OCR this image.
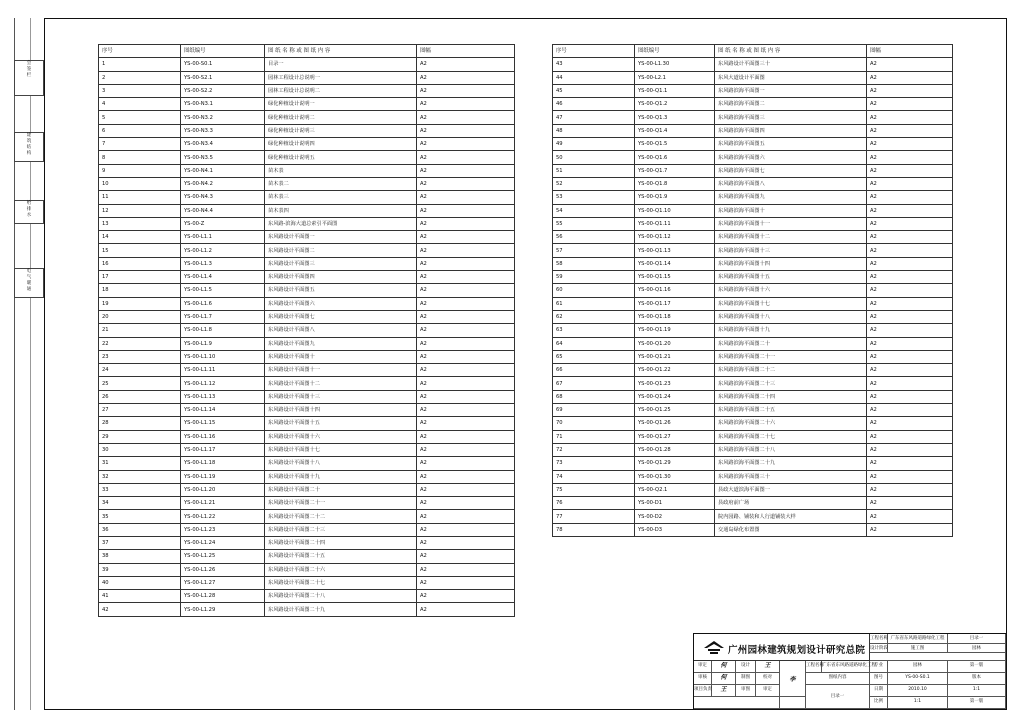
会
签
栏
建
筑
结
构
给
排
水
电
气
暖
通
序号	图纸编号	图 纸 名 称 或 图 纸 内 容	图幅
1	YS-00-S0.1	目录一	A2
2	YS-00-S2.1	园林工程设计总说明一	A2
3	YS-00-S2.2	园林工程设计总说明二	A2
4	YS-00-N3.1	绿化种植设计说明一	A2
5	YS-00-N3.2	绿化种植设计说明二	A2
6	YS-00-N3.3	绿化种植设计说明三	A2
7	YS-00-N3.4	绿化种植设计说明四	A2
8	YS-00-N3.5	绿化种植设计说明五	A2
9	YS-00-N4.1	苗木表	A2
10	YS-00-N4.2	苗木表二	A2
11	YS-00-N4.3	苗木表三	A2
12	YS-00-N4.4	苗木表四	A2
13	YS-00-Z	东风路-滨海大道总索引平面图	A2
14	YS-00-L1.1	东风路设计平面图一	A2
15	YS-00-L1.2	东风路设计平面图二	A2
16	YS-00-L1.3	东风路设计平面图三	A2
17	YS-00-L1.4	东风路设计平面图四	A2
18	YS-00-L1.5	东风路设计平面图五	A2
19	YS-00-L1.6	东风路设计平面图六	A2
20	YS-00-L1.7	东风路设计平面图七	A2
21	YS-00-L1.8	东风路设计平面图八	A2
22	YS-00-L1.9	东风路设计平面图九	A2
23	YS-00-L1.10	东风路设计平面图十	A2
24	YS-00-L1.11	东风路设计平面图十一	A2
25	YS-00-L1.12	东风路设计平面图十二	A2
26	YS-00-L1.13	东风路设计平面图十三	A2
27	YS-00-L1.14	东风路设计平面图十四	A2
28	YS-00-L1.15	东风路设计平面图十五	A2
29	YS-00-L1.16	东风路设计平面图十六	A2
30	YS-00-L1.17	东风路设计平面图十七	A2
31	YS-00-L1.18	东风路设计平面图十八	A2
32	YS-00-L1.19	东风路设计平面图十九	A2
33	YS-00-L1.20	东风路设计平面图二十	A2
34	YS-00-L1.21	东风路设计平面图二十一	A2
35	YS-00-L1.22	东风路设计平面图二十二	A2
36	YS-00-L1.23	东风路设计平面图二十三	A2
37	YS-00-L1.24	东风路设计平面图二十四	A2
38	YS-00-L1.25	东风路设计平面图二十五	A2
39	YS-00-L1.26	东风路设计平面图二十六	A2
40	YS-00-L1.27	东风路设计平面图二十七	A2
41	YS-00-L1.28	东风路设计平面图二十八	A2
42	YS-00-L1.29	东风路设计平面图二十九	A2
序号	图纸编号	图 纸 名 称 或 图 纸 内 容	图幅
43	YS-00-L1.30	东风路设计平面图三十	A2
44	YS-00-L2.1	东风大道设计平面图	A2
45	YS-00-Q1.1	东风路滨海平面图一	A2
46	YS-00-Q1.2	东风路滨海平面图二	A2
47	YS-00-Q1.3	东风路滨海平面图三	A2
48	YS-00-Q1.4	东风路滨海平面图四	A2
49	YS-00-Q1.5	东风路滨海平面图五	A2
50	YS-00-Q1.6	东风路滨海平面图六	A2
51	YS-00-Q1.7	东风路滨海平面图七	A2
52	YS-00-Q1.8	东风路滨海平面图八	A2
53	YS-00-Q1.9	东风路滨海平面图九	A2
54	YS-00-Q1.10	东风路滨海平面图十	A2
55	YS-00-Q1.11	东风路滨海平面图十一	A2
56	YS-00-Q1.12	东风路滨海平面图十二	A2
57	YS-00-Q1.13	东风路滨海平面图十三	A2
58	YS-00-Q1.14	东风路滨海平面图十四	A2
59	YS-00-Q1.15	东风路滨海平面图十五	A2
60	YS-00-Q1.16	东风路滨海平面图十六	A2
61	YS-00-Q1.17	东风路滨海平面图十七	A2
62	YS-00-Q1.18	东风路滨海平面图十八	A2
63	YS-00-Q1.19	东风路滨海平面图十九	A2
64	YS-00-Q1.20	东风路滨海平面图二十	A2
65	YS-00-Q1.21	东风路滨海平面图二十一	A2
66	YS-00-Q1.22	东风路滨海平面图二十二	A2
67	YS-00-Q1.23	东风路滨海平面图二十三	A2
68	YS-00-Q1.24	东风路滨海平面图二十四	A2
69	YS-00-Q1.25	东风路滨海平面图二十五	A2
70	YS-00-Q1.26	东风路滨海平面图二十六	A2
71	YS-00-Q1.27	东风路滨海平面图二十七	A2
72	YS-00-Q1.28	东风路滨海平面图二十八	A2
73	YS-00-Q1.29	东风路滨海平面图二十九	A2
74	YS-00-Q1.30	东风路滨海平面图三十	A2
75	YS-00-Q2.1	县政大道滨海平面图一	A2
76	YS-00-D1	县政府前广场	A2
77	YS-00-D2	院内园路、铺装和人行道铺装大样	A2
78	YS-00-D3	交通岛绿化布置图	A2
广州园林建筑规划设计研究总院
工程名称 广东省东风路道路绿化工程	目录一
设计阶段	施工图	园林
审定	何	设计	王
李
工程名称
广东省东风路道路绿化工程
专业	园林	第一版
审核	何	制图	校对	图纸内容	图号	YS-00-S0.1	版本
项目负责	王	审图	审定
目录一
日期	2010.10	1:1
比例	1:1	第一版
